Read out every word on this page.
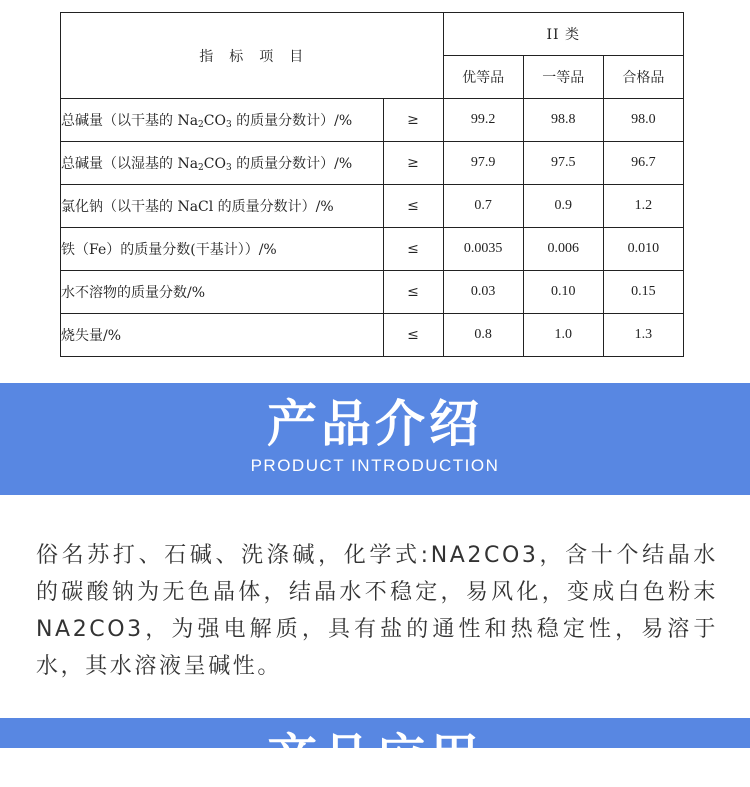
指　标　项　目		II 类		
		优等品	一等品	合格品
总碱量（以干基的 $Na_2CO_3$ 的质量分数计）/%	≥	99.2	98.8	98.0
总碱量（以湿基的 $Na_2CO_3$ 的质量分数计）/%	≥	97.9	97.5	96.7
氯化钠（以干基的 NaCl 的质量分数计）/%	≤	0.7	0.9	1.2
铁（Fe）的质量分数(干基计））/%	≤	0.0035	0.006	0.010
水不溶物的质量分数/%	≤	0.03	0.10	0.15
烧失量/%	≤	0.8	1.0	1.3
产品介绍
PRODUCT INTRODUCTION
俗名苏打、石碱、洗涤碱，化学式:NA2CO3，含十个结晶水的碳酸钠为无色晶体，结晶水不稳定，易风化，变成白色粉末NA2CO3，为强电解质，具有盐的通性和热稳定性，易溶于水，其水溶液呈碱性。
产品应用
